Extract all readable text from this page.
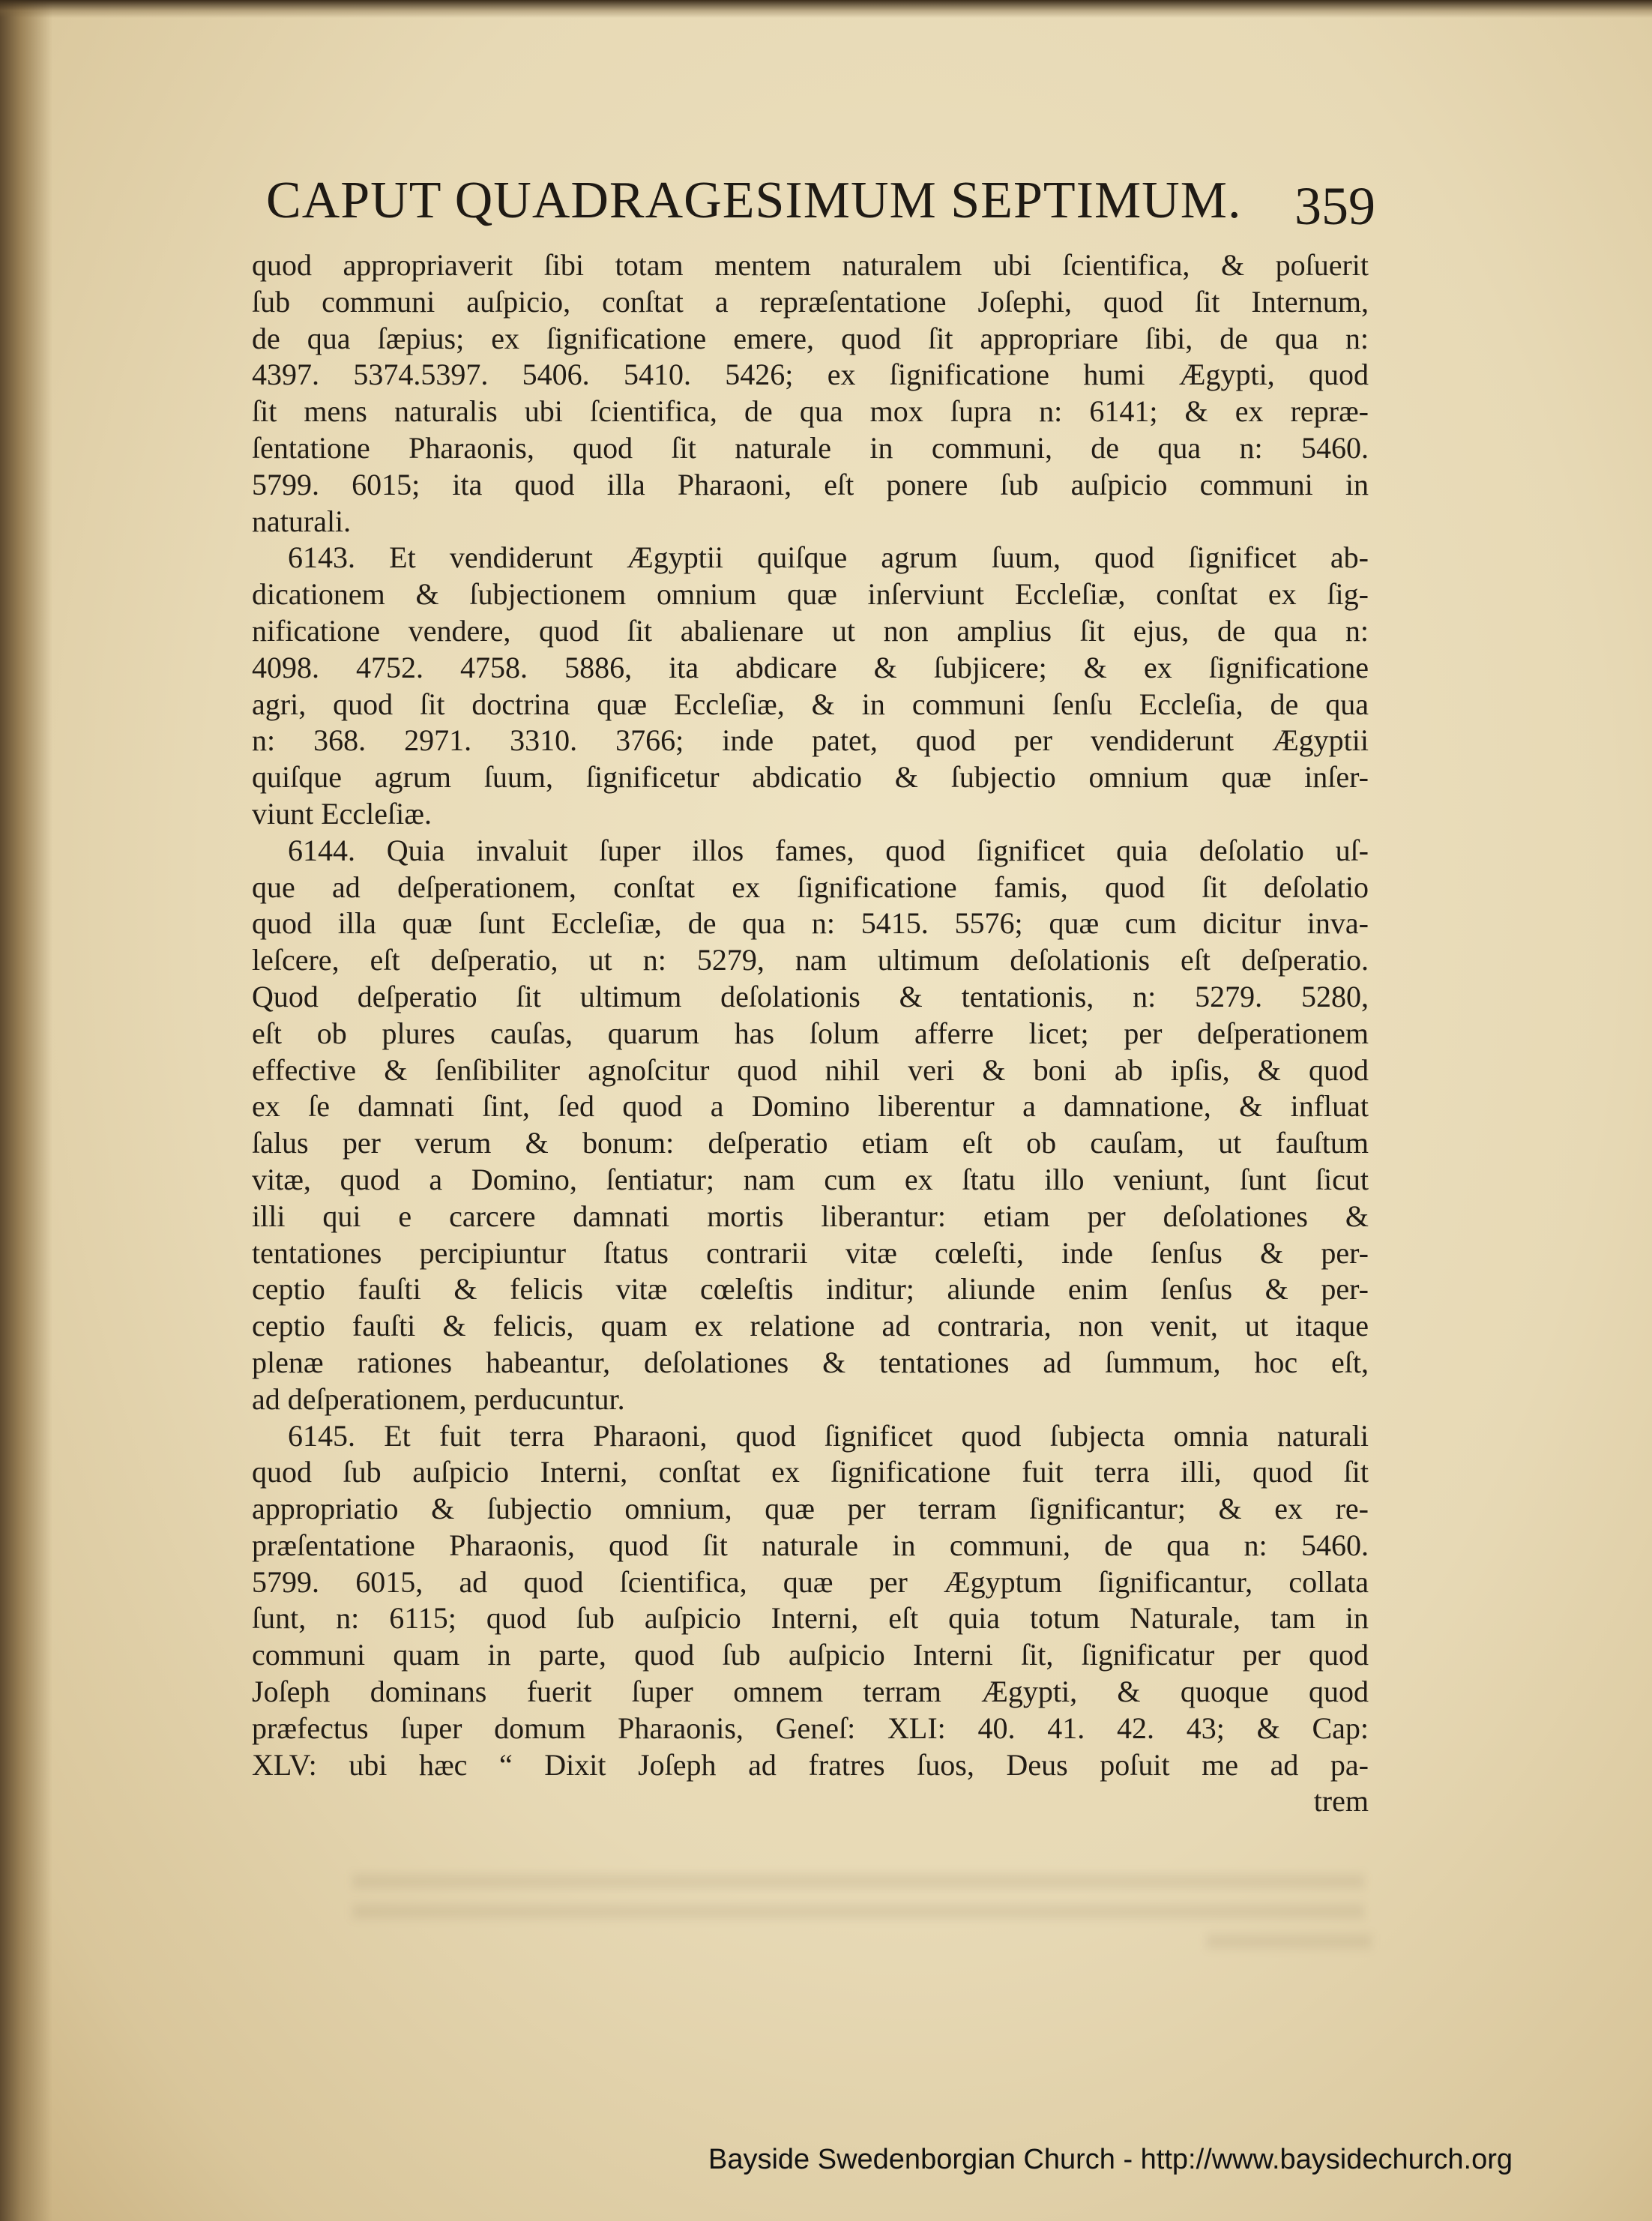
CAPUT QUADRAGESIMUM SEPTIMUM. 359
quod appropriaverit ſibi totam mentem naturalem ubi ſcientifica, & poſuerit
ſub communi auſpicio, conſtat a repræſentatione Joſephi, quod ſit Internum,
de qua ſæpius; ex ſignificatione emere, quod ſit appropriare ſibi, de qua n:
4397. 5374.5397. 5406. 5410. 5426; ex ſignificatione humi Ægypti, quod
ſit mens naturalis ubi ſcientifica, de qua mox ſupra n: 6141; & ex repræ-
ſentatione Pharaonis, quod ſit naturale in communi, de qua n: 5460.
5799. 6015; ita quod illa Pharaoni, eſt ponere ſub auſpicio communi in
naturali.
6143. Et vendiderunt Ægyptii quiſque agrum ſuum, quod ſignificet ab-
dicationem & ſubjectionem omnium quæ inſerviunt Eccleſiæ, conſtat ex ſig-
nificatione vendere, quod ſit abalienare ut non amplius ſit ejus, de qua n:
4098. 4752. 4758. 5886, ita abdicare & ſubjicere; & ex ſignificatione
agri, quod ſit doctrina quæ Eccleſiæ, & in communi ſenſu Eccleſia, de qua
n: 368. 2971. 3310. 3766; inde patet, quod per vendiderunt Ægyptii
quiſque agrum ſuum, ſignificetur abdicatio & ſubjectio omnium quæ inſer-
viunt Eccleſiæ.
6144. Quia invaluit ſuper illos fames, quod ſignificet quia deſolatio uſ-
que ad deſperationem, conſtat ex ſignificatione famis, quod ſit deſolatio
quod illa quæ ſunt Eccleſiæ, de qua n: 5415. 5576; quæ cum dicitur inva-
leſcere, eſt deſperatio, ut n: 5279, nam ultimum deſolationis eſt deſperatio.
Quod deſperatio ſit ultimum deſolationis & tentationis, n: 5279. 5280,
eſt ob plures cauſas, quarum has ſolum afferre licet; per deſperationem
effective & ſenſibiliter agnoſcitur quod nihil veri & boni ab ipſis, & quod
ex ſe damnati ſint, ſed quod a Domino liberentur a damnatione, & influat
ſalus per verum & bonum: deſperatio etiam eſt ob cauſam, ut fauſtum
vitæ, quod a Domino, ſentiatur; nam cum ex ſtatu illo veniunt, ſunt ſicut
illi qui e carcere damnati mortis liberantur: etiam per deſolationes &
tentationes percipiuntur ſtatus contrarii vitæ cœleſti, inde ſenſus & per-
ceptio fauſti & felicis vitæ cœleſtis inditur; aliunde enim ſenſus & per-
ceptio fauſti & felicis, quam ex relatione ad contraria, non venit, ut itaque
plenæ rationes habeantur, deſolationes & tentationes ad ſummum, hoc eſt,
ad deſperationem, perducuntur.
6145. Et fuit terra Pharaoni, quod ſignificet quod ſubjecta omnia naturali
quod ſub auſpicio Interni, conſtat ex ſignificatione fuit terra illi, quod ſit
appropriatio & ſubjectio omnium, quæ per terram ſignificantur; & ex re-
præſentatione Pharaonis, quod ſit naturale in communi, de qua n: 5460.
5799. 6015, ad quod ſcientifica, quæ per Ægyptum ſignificantur, collata
ſunt, n: 6115; quod ſub auſpicio Interni, eſt quia totum Naturale, tam in
communi quam in parte, quod ſub auſpicio Interni ſit, ſignificatur per quod
Joſeph dominans fuerit ſuper omnem terram Ægypti, & quoque quod
præfectus ſuper domum Pharaonis, Geneſ: XLI: 40. 41. 42. 43; & Cap:
XLV: ubi hæc “ Dixit Joſeph ad fratres ſuos, Deus poſuit me ad pa-
trem
Bayside Swedenborgian Church - http://www.baysidechurch.org
